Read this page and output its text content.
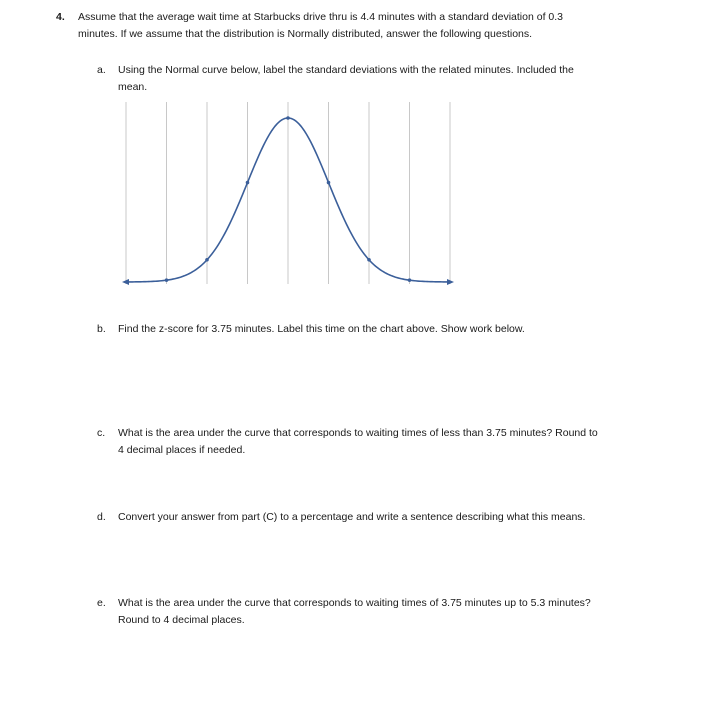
4. Assume that the average wait time at Starbucks drive thru is 4.4 minutes with a standard deviation of 0.3
minutes. If we assume that the distribution is Normally distributed, answer the following questions.
a. Using the Normal curve below, label the standard deviations with the related minutes. Included the
mean.
b. Find the z-score for 3.75 minutes. Label this time on the chart above. Show work below.
c. What is the area under the curve that corresponds to waiting times of less than 3.75 minutes? Round to
4 decimal places if needed.
d. Convert your answer from part (C) to a percentage and write a sentence describing what this means.
e. What is the area under the curve that corresponds to waiting times of 3.75 minutes up to 5.3 minutes?
Round to 4 decimal places.
